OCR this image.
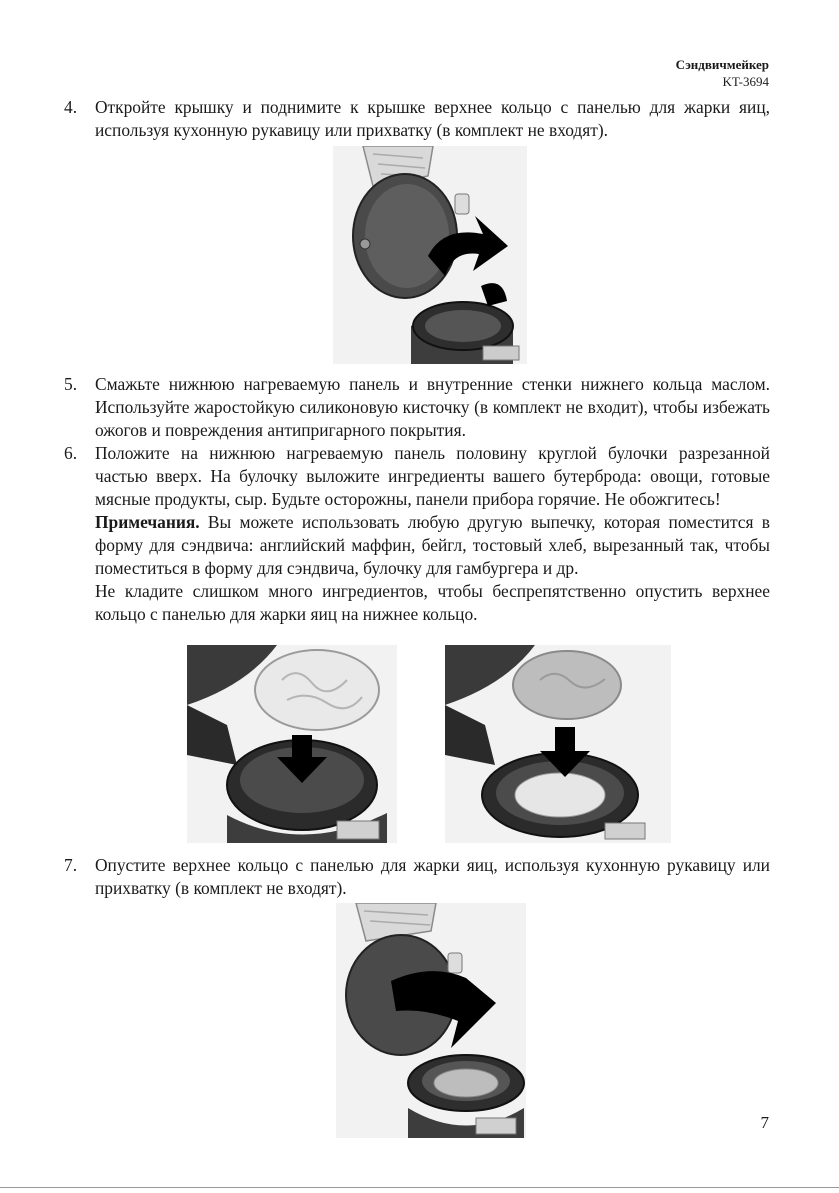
Сэндвичмейкер
KT-3694
4. Откройте крышку и поднимите к крышке верхнее кольцо с панелью для жарки яиц, используя кухонную рукавицу или прихватку (в комплект не входят).

5. Смажьте нижнюю нагреваемую панель и внутренние стенки нижнего кольца маслом. Используйте жаростойкую силиконовую кисточку (в комплект не входит), чтобы избежать ожогов и повреждения антипригарного покрытия.

6. Положите на нижнюю нагреваемую панель половину круглой булочки разрезанной частью вверх. На булочку выложите ингредиенты вашего бутерброда: овощи, готовые мясные продукты, сыр. Будьте осторожны, панели прибора горячие. Не обожгитесь!

Примечания. Вы можете использовать любую другую выпечку, которая поместится в форму для сэндвича: английский маффин, бейгл, тостовый хлеб, вырезанный так, чтобы поместиться в форму для сэндвича, булочку для гамбургера и др.

Не кладите слишком много ингредиентов, чтобы беспрепятственно опустить верхнее кольцо с панелью для жарки яиц на нижнее кольцо.

7. Опустите верхнее кольцо с панелью для жарки яиц, используя кухонную рукавицу или прихватку (в комплект не входят).

7
